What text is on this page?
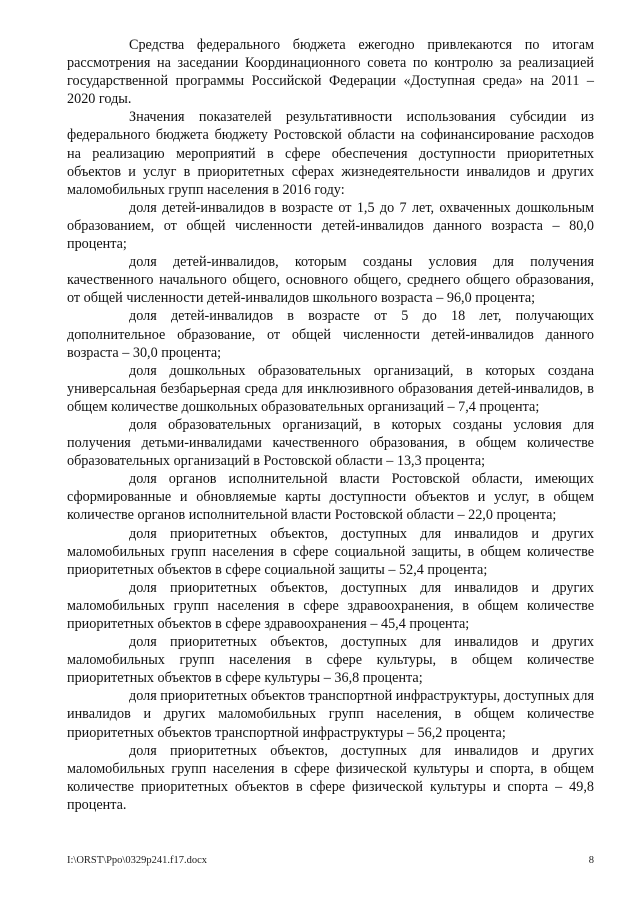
Средства федерального бюджета ежегодно привлекаются по итогам рассмотрения на заседании Координационного совета по контролю за реализацией государственной программы Российской Федерации «Доступная среда» на 2011 – 2020 годы.

Значения показателей результативности использования субсидии из федерального бюджета бюджету Ростовской области на софинансирование расходов на реализацию мероприятий в сфере обеспечения доступности приоритетных объектов и услуг в приоритетных сферах жизнедеятельности инвалидов и других маломобильных групп населения в 2016 году:

доля детей-инвалидов в возрасте от 1,5 до 7 лет, охваченных дошкольным образованием, от общей численности детей-инвалидов данного возраста – 80,0 процента;

доля детей-инвалидов, которым созданы условия для получения качественного начального общего, основного общего, среднего общего образования, от общей численности детей-инвалидов школьного возраста – 96,0 процента;

доля детей-инвалидов в возрасте от 5 до 18 лет, получающих дополнительное образование, от общей численности детей-инвалидов данного возраста – 30,0 процента;

доля дошкольных образовательных организаций, в которых создана универсальная безбарьерная среда для инклюзивного образования детей-инвалидов, в общем количестве дошкольных образовательных организаций – 7,4 процента;

доля образовательных организаций, в которых созданы условия для получения детьми-инвалидами качественного образования, в общем количестве образовательных организаций в Ростовской области – 13,3 процента;

доля органов исполнительной власти Ростовской области, имеющих сформированные и обновляемые карты доступности объектов и услуг, в общем количестве органов исполнительной власти Ростовской области – 22,0 процента;

доля приоритетных объектов, доступных для инвалидов и других маломобильных групп населения в сфере социальной защиты, в общем количестве приоритетных объектов в сфере социальной защиты – 52,4 процента;

доля приоритетных объектов, доступных для инвалидов и других маломобильных групп населения в сфере здравоохранения, в общем количестве приоритетных объектов в сфере здравоохранения – 45,4 процента;

доля приоритетных объектов, доступных для инвалидов и других маломобильных групп населения в сфере культуры, в общем количестве приоритетных объектов в сфере культуры – 36,8 процента;

доля приоритетных объектов транспортной инфраструктуры, доступных для инвалидов и других маломобильных групп населения, в общем количестве приоритетных объектов транспортной инфраструктуры – 56,2 процента;

доля приоритетных объектов, доступных для инвалидов и других маломобильных групп населения в сфере физической культуры и спорта, в общем количестве приоритетных объектов в сфере физической культуры и спорта – 49,8 процента.

I:\ORST\Ppo\0329p241.f17.docx	8
